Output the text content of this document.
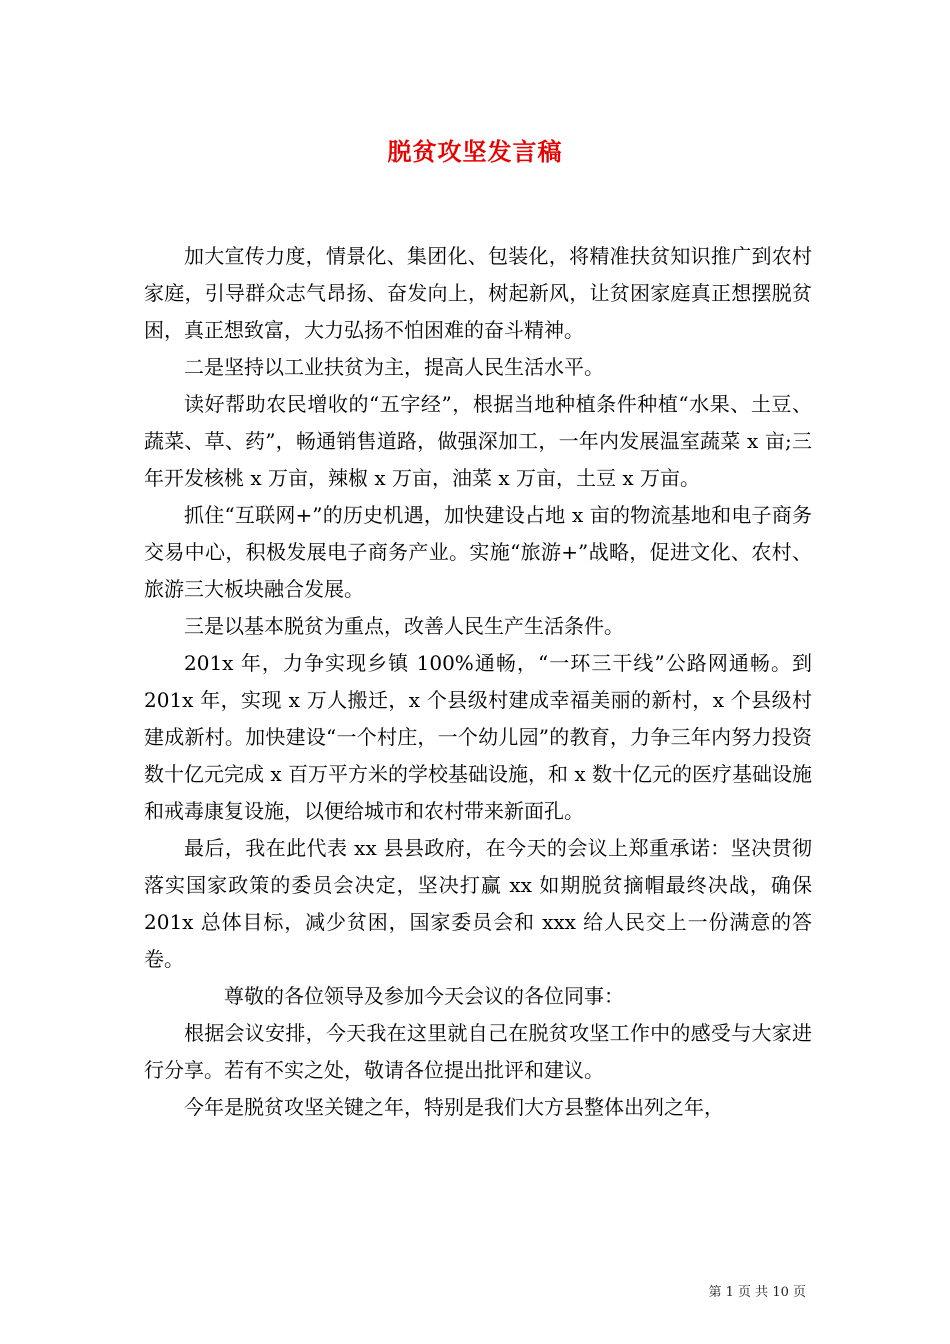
脱贫攻坚发言稿

加大宣传力度，情景化、集团化、包装化，将精准扶贫知识推广到农村家庭，引导群众志气昂扬、奋发向上，树起新风，让贫困家庭真正想摆脱贫困，真正想致富，大力弘扬不怕困难的奋斗精神。

二是坚持以工业扶贫为主，提高人民生活水平。

读好帮助农民增收的“五字经”，根据当地种植条件种植“水果、土豆、蔬菜、草、药”，畅通销售道路，做强深加工，一年内发展温室蔬菜 x 亩;三年开发核桃 x 万亩，辣椒 x 万亩，油菜 x 万亩，土豆 x 万亩。

抓住“互联网+”的历史机遇，加快建设占地 x 亩的物流基地和电子商务交易中心，积极发展电子商务产业。实施“旅游+”战略，促进文化、农村、旅游三大板块融合发展。

三是以基本脱贫为重点，改善人民生产生活条件。

201x 年，力争实现乡镇 100%通畅，“一环三干线”公路网通畅。到 201x 年，实现 x 万人搬迁，x 个县级村建成幸福美丽的新村，x 个县级村建成新村。加快建设“一个村庄，一个幼儿园”的教育，力争三年内努力投资数十亿元完成 x 百万平方米的学校基础设施，和 x 数十亿元的医疗基础设施和戒毒康复设施，以便给城市和农村带来新面孔。

最后，我在此代表 xx 县县政府，在今天的会议上郑重承诺：坚决贯彻落实国家政策的委员会决定，坚决打赢 xx 如期脱贫摘帽最终决战，确保 201x 总体目标，减少贫困，国家委员会和 xxx 给人民交上一份满意的答卷。

尊敬的各位领导及参加今天会议的各位同事：

根据会议安排，今天我在这里就自己在脱贫攻坚工作中的感受与大家进行分享。若有不实之处，敬请各位提出批评和建议。

今年是脱贫攻坚关键之年，特别是我们大方县整体出列之年，

第 1 页 共 10 页
